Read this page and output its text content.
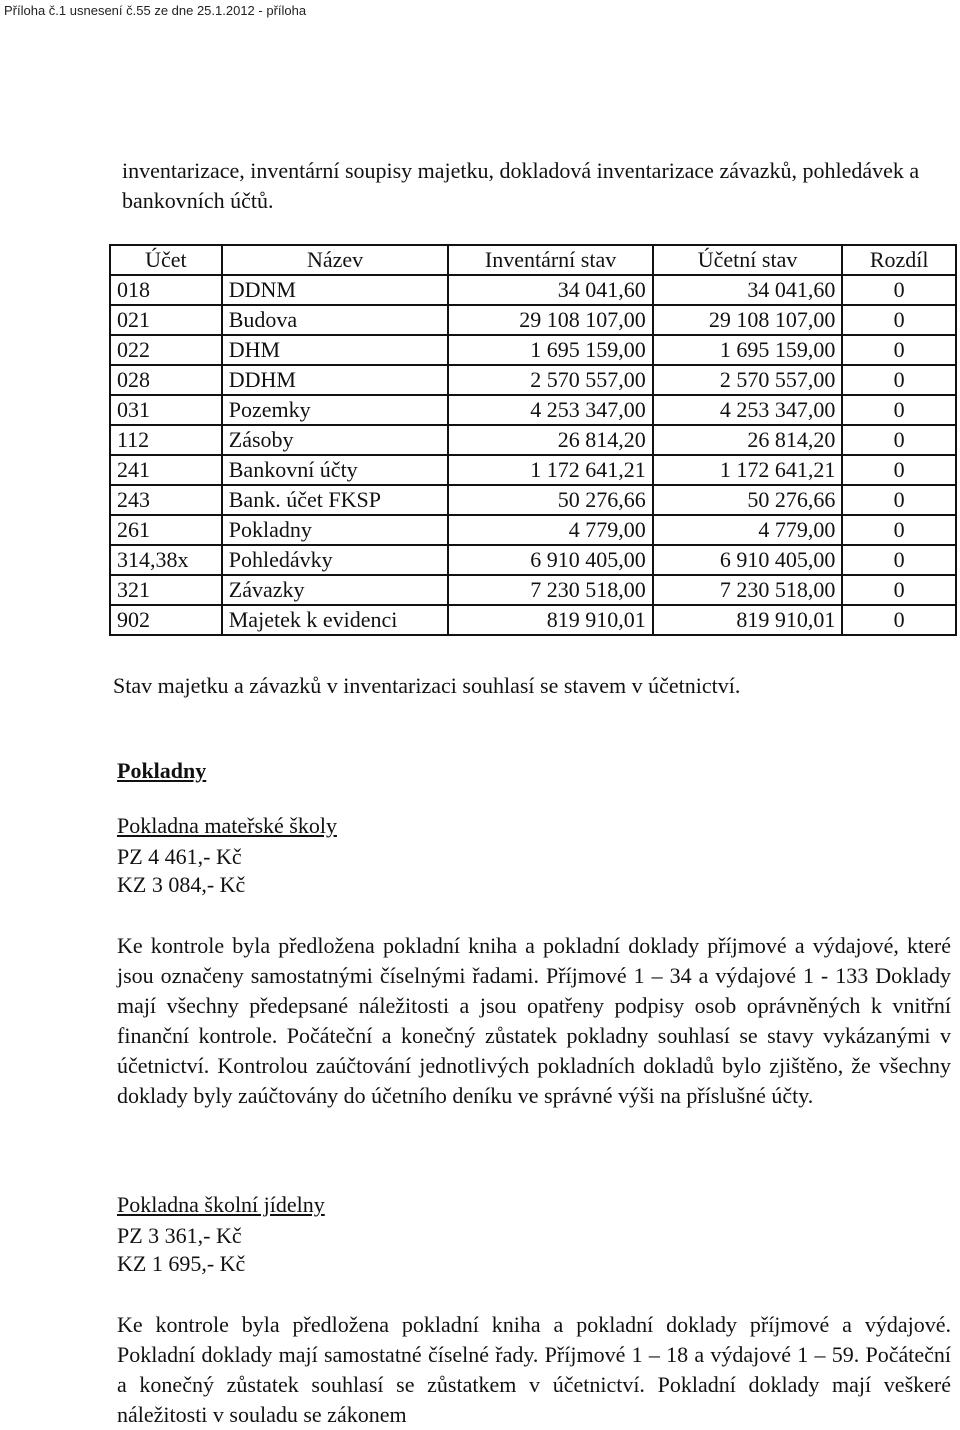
Příloha č.1 usnesení č.55 ze dne 25.1.2012 - příloha
inventarizace, inventární soupisy majetku, dokladová inventarizace závazků, pohledávek a bankovních účtů.
Účet	Název	Inventární stav	Účetní stav	Rozdíl
018	DDNM	34 041,60	34 041,60	0
021	Budova	29 108 107,00	29 108 107,00	0
022	DHM	1 695 159,00	1 695 159,00	0
028	DDHM	2 570 557,00	2 570 557,00	0
031	Pozemky	4 253 347,00	4 253 347,00	0
112	Zásoby	26 814,20	26 814,20	0
241	Bankovní účty	1 172 641,21	1 172 641,21	0
243	Bank. účet FKSP	50 276,66	50 276,66	0
261	Pokladny	4 779,00	4 779,00	0
314,38x	Pohledávky	6 910 405,00	6 910 405,00	0
321	Závazky	7 230 518,00	7 230 518,00	0
902	Majetek k evidenci	819 910,01	819 910,01	0
Stav majetku a závazků v inventarizaci souhlasí se stavem v účetnictví.
Pokladny
Pokladna mateřské školy
PZ 4 461,- Kč
KZ 3 084,- Kč
Ke kontrole byla předložena pokladní kniha a pokladní doklady příjmové a výdajové, které jsou označeny samostatnými číselnými řadami. Příjmové 1 – 34 a výdajové 1 - 133 Doklady mají všechny předepsané náležitosti a jsou opatřeny podpisy osob oprávněných k vnitřní finanční kontrole. Počáteční a konečný zůstatek pokladny souhlasí se stavy vykázanými v účetnictví. Kontrolou zaúčtování jednotlivých pokladních dokladů bylo zjištěno, že všechny doklady byly zaúčtovány do účetního deníku ve správné výši na příslušné účty.
Pokladna školní jídelny
PZ 3 361,- Kč
KZ 1 695,- Kč
Ke kontrole byla předložena pokladní kniha a pokladní doklady příjmové a výdajové. Pokladní doklady mají samostatné číselné řady. Příjmové 1 – 18 a výdajové 1 – 59. Počáteční a konečný zůstatek souhlasí se zůstatkem v účetnictví. Pokladní doklady mají veškeré náležitosti v souladu se zákonem
